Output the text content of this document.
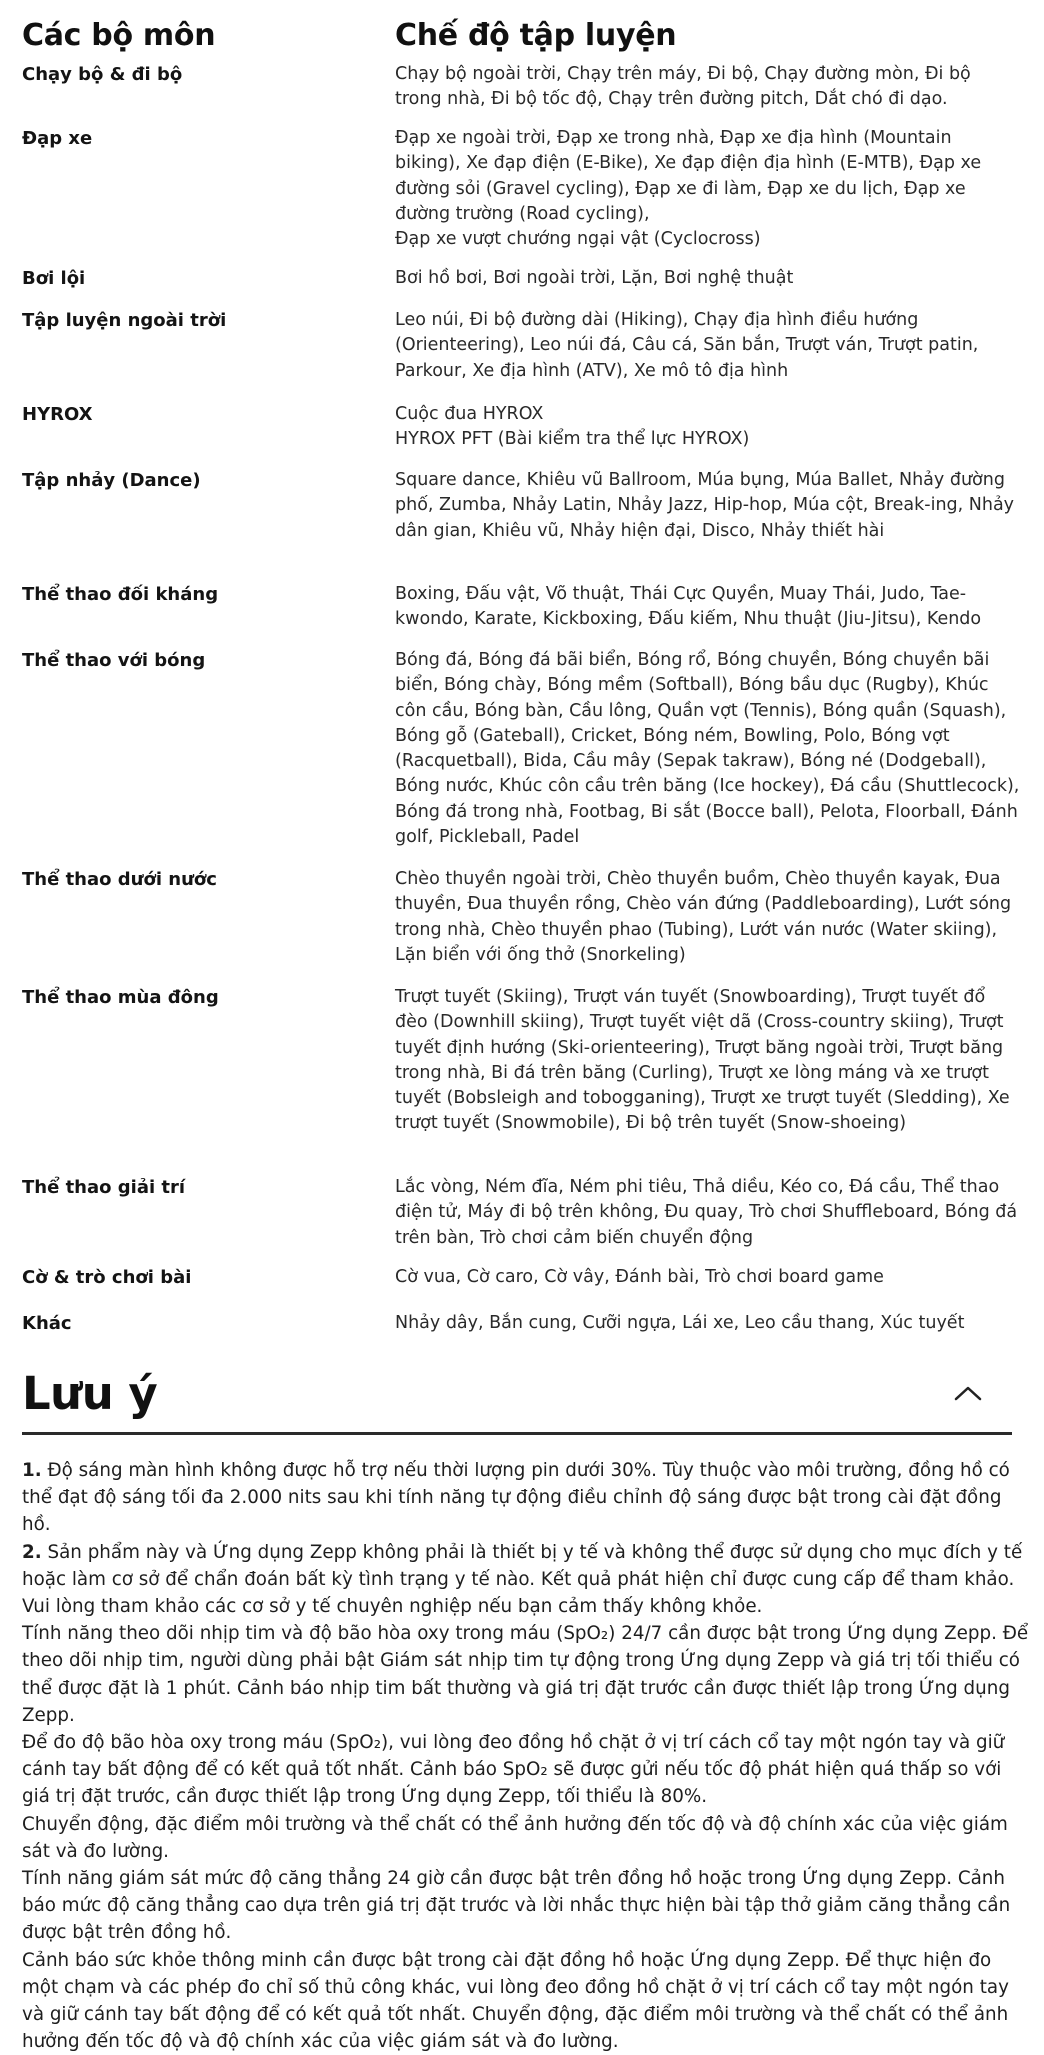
Các bộ môn	Chế độ tập luyện
Chạy bộ & đi bộ	Chạy bộ ngoài trời, Chạy trên máy, Đi bộ, Chạy đường mòn, Đi bộ trong nhà, Đi bộ tốc độ, Chạy trên đường pitch, Dắt chó đi dạo.
Đạp xe	Đạp xe ngoài trời, Đạp xe trong nhà, Đạp xe địa hình (Mountain biking), Xe đạp điện (E-Bike), Xe đạp điện địa hình (E-MTB), Đạp xe đường sỏi (Gravel cycling), Đạp xe đi làm, Đạp xe du lịch, Đạp xe đường trường (Road cycling),
Đạp xe vượt chướng ngại vật (Cyclocross)
Bơi lội	Bơi hồ bơi, Bơi ngoài trời, Lặn, Bơi nghệ thuật
Tập luyện ngoài trời	Leo núi, Đi bộ đường dài (Hiking), Chạy địa hình điều hướng (Orienteering), Leo núi đá, Câu cá, Săn bắn, Trượt ván, Trượt patin, Parkour, Xe địa hình (ATV), Xe mô tô địa hình
HYROX	Cuộc đua HYROX
HYROX PFT (Bài kiểm tra thể lực HYROX)
Tập nhảy (Dance)	Square dance, Khiêu vũ Ballroom, Múa bụng, Múa Ballet, Nhảy đường phố, Zumba, Nhảy Latin, Nhảy Jazz, Hip-hop, Múa cột, Break-ing, Nhảy dân gian, Khiêu vũ, Nhảy hiện đại, Disco, Nhảy thiết hài
Thể thao đối kháng	Boxing, Đấu vật, Võ thuật, Thái Cực Quyền, Muay Thái, Judo, Tae-kwondo, Karate, Kickboxing, Đấu kiếm, Nhu thuật (Jiu-Jitsu), Kendo
Thể thao với bóng	Bóng đá, Bóng đá bãi biển, Bóng rổ, Bóng chuyền, Bóng chuyền bãi biển, Bóng chày, Bóng mềm (Softball), Bóng bầu dục (Rugby), Khúc côn cầu, Bóng bàn, Cầu lông, Quần vợt (Tennis), Bóng quần (Squash), Bóng gỗ (Gateball), Cricket, Bóng ném, Bowling, Polo, Bóng vợt (Racquetball), Bida, Cầu mây (Sepak takraw), Bóng né (Dodgeball), Bóng nước, Khúc côn cầu trên băng (Ice hockey), Đá cầu (Shuttlecock), Bóng đá trong nhà, Footbag, Bi sắt (Bocce ball), Pelota, Floorball, Đánh golf, Pickleball, Padel
Thể thao dưới nước	Chèo thuyền ngoài trời, Chèo thuyền buồm, Chèo thuyền kayak, Đua thuyền, Đua thuyền rồng, Chèo ván đứng (Paddleboarding), Lướt sóng trong nhà, Chèo thuyền phao (Tubing), Lướt ván nước (Water skiing), Lặn biển với ống thở (Snorkeling)
Thể thao mùa đông	Trượt tuyết (Skiing), Trượt ván tuyết (Snowboarding), Trượt tuyết đổ đèo (Downhill skiing), Trượt tuyết việt dã (Cross-country skiing), Trượt tuyết định hướng (Ski-orienteering), Trượt băng ngoài trời, Trượt băng trong nhà, Bi đá trên băng (Curling), Trượt xe lòng máng và xe trượt tuyết (Bobsleigh and tobogganing), Trượt xe trượt tuyết (Sledding), Xe trượt tuyết (Snowmobile), Đi bộ trên tuyết (Snow-shoeing)
Thể thao giải trí	Lắc vòng, Ném đĩa, Ném phi tiêu, Thả diều, Kéo co, Đá cầu, Thể thao điện tử, Máy đi bộ trên không, Đu quay, Trò chơi Shuffleboard, Bóng đá trên bàn, Trò chơi cảm biến chuyển động
Cờ & trò chơi bài	Cờ vua, Cờ caro, Cờ vây, Đánh bài, Trò chơi board game
Khác	Nhảy dây, Bắn cung, Cưỡi ngựa, Lái xe, Leo cầu thang, Xúc tuyết
Lưu ý

1. Độ sáng màn hình không được hỗ trợ nếu thời lượng pin dưới 30%. Tùy thuộc vào môi trường, đồng hồ có thể đạt độ sáng tối đa 2.000 nits sau khi tính năng tự động điều chỉnh độ sáng được bật trong cài đặt đồng hồ.

2. Sản phẩm này và Ứng dụng Zepp không phải là thiết bị y tế và không thể được sử dụng cho mục đích y tế hoặc làm cơ sở để chẩn đoán bất kỳ tình trạng y tế nào. Kết quả phát hiện chỉ được cung cấp để tham khảo. Vui lòng tham khảo các cơ sở y tế chuyên nghiệp nếu bạn cảm thấy không khỏe.

Tính năng theo dõi nhịp tim và độ bão hòa oxy trong máu (SpO₂) 24/7 cần được bật trong Ứng dụng Zepp. Để theo dõi nhịp tim, người dùng phải bật Giám sát nhịp tim tự động trong Ứng dụng Zepp và giá trị tối thiểu có thể được đặt là 1 phút. Cảnh báo nhịp tim bất thường và giá trị đặt trước cần được thiết lập trong Ứng dụng Zepp.

Để đo độ bão hòa oxy trong máu (SpO₂), vui lòng đeo đồng hồ chặt ở vị trí cách cổ tay một ngón tay và giữ cánh tay bất động để có kết quả tốt nhất. Cảnh báo SpO₂ sẽ được gửi nếu tốc độ phát hiện quá thấp so với giá trị đặt trước, cần được thiết lập trong Ứng dụng Zepp, tối thiểu là 80%.

Chuyển động, đặc điểm môi trường và thể chất có thể ảnh hưởng đến tốc độ và độ chính xác của việc giám sát và đo lường.

Tính năng giám sát mức độ căng thẳng 24 giờ cần được bật trên đồng hồ hoặc trong Ứng dụng Zepp. Cảnh báo mức độ căng thẳng cao dựa trên giá trị đặt trước và lời nhắc thực hiện bài tập thở giảm căng thẳng cần được bật trên đồng hồ.

Cảnh báo sức khỏe thông minh cần được bật trong cài đặt đồng hồ hoặc Ứng dụng Zepp. Để thực hiện đo một chạm và các phép đo chỉ số thủ công khác, vui lòng đeo đồng hồ chặt ở vị trí cách cổ tay một ngón tay và giữ cánh tay bất động để có kết quả tốt nhất. Chuyển động, đặc điểm môi trường và thể chất có thể ảnh hưởng đến tốc độ và độ chính xác của việc giám sát và đo lường.
